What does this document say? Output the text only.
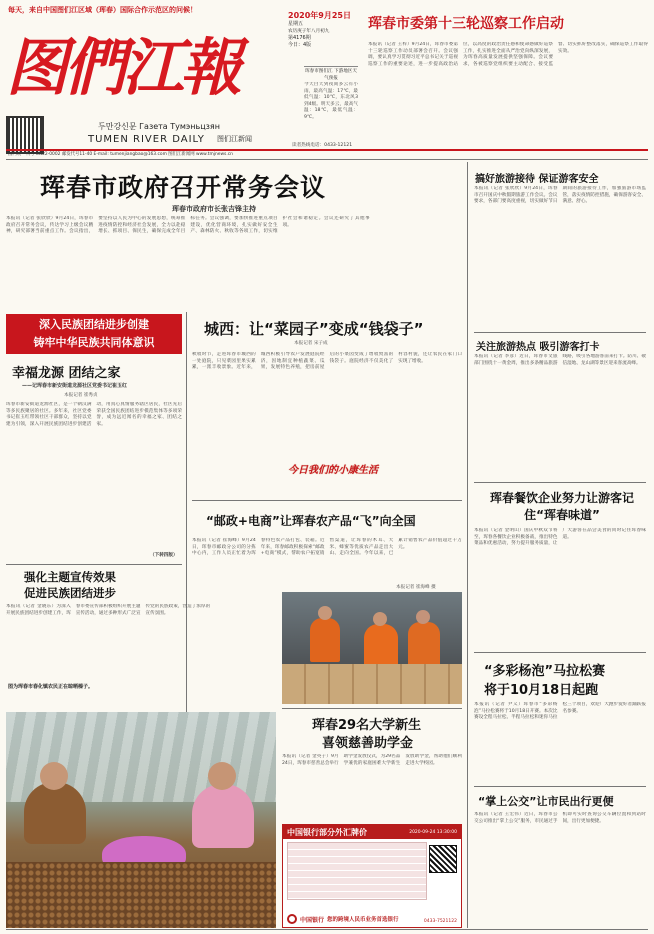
每天，来自中国图们江区域（珲春）国际合作示范区的问候！
图們江報
두만강신문 Газета Тумэньцзян
TUMEN RIVER DAILY 图们江新闻
2020年9月25日
星期五
农历庚子年八月初九
第4176期
今日：4版
珲春市图们江 下游地区天气预报
今天白天到夜间多云有小雨，最高气温：17℃，最低气温：10℃，东北风3到4级。明天多云，最高气温：18℃，最低气温：9℃。
读者热线电话：0433-12121
珲春市委第十三轮巡察工作启动
本报讯（记者 王梓）9月24日，珲春市委第十三轮巡察工作动员部署会召开。会议强调，要认真学习贯彻习近平总书记关于巡视巡察工作的重要论述，进一步提高政治站位，以高度的政治责任感和使命感做好巡察工作，扎实推进全面从严治党向纵深发展，为珲春高质量发展提供坚强保障。会议要求，各被巡察党组织要主动配合、接受监督、切实抓好整改落实，确保巡察工作取得实效。
国内统一刊号 CN22-0002 邮发代号11-40 E-mail: tumenjiangbao@163.com 图们江新闻网 www.tmjnews.cn
珲春市政府召开常务会议
珲春市政府市长张吉锋主持
本报讯（记者 张欣欣）9月24日，珲春市政府召开常务会议，传达学习上级会议精神，研究部署当前重点工作。会议指出，要坚持以人民为中心的发展思想，统筹推进疫情防控和经济社会发展，全力以赴稳增长、抓项目、保民生，确保完成全年目标任务。会议强调，要加快推进重点项目建设，优化营商环境，扎实做好安全生产、森林防火、秋收等各项工作，切实维护社会和谐稳定。会议还研究了其他事项。
搞好旅游接待 保证游客安全
本报讯（记者 张欣欣）9月24日，珲春市召开国庆中秋假期旅游工作会议。会议要求，各部门要高度重视，切实做好节日期间的旅游接待工作，加强旅游市场监管，落实疫情防控措施，确保游客安全、满意、舒心。
关注旅游热点 吸引游客打卡
本报讯（记者 李彦）近日，珲春市文旅部门围绕十一黄金周，推出多条精品旅游线路，吸引各地游客前来打卡。防川、敬信湿地、龙山湖等景区迎来客流高峰。
珲春餐饮企业努力让游客记住“珲春味道”
本报讯（记者 金明山）国庆中秋双节将至，珲春各餐饮企业积极备战，推出特色菜品和优惠活动，努力提升服务质量，让广大游客在品尝美食的同时记住珲春味道。
“多彩杨泡”马拉松赛
将于10月18日起跑
本报讯（记者 尹义）珲春市“多彩杨泡”马拉松赛将于10月18日开赛。本次比赛设全程马拉松、半程马拉松和迷你马拉松三个项目，欢迎广大跑步爱好者踊跃报名参赛。
“掌上公交”让市民出行更便
本报讯（记者 王宏伟）近日，珲春市公交公司推出“掌上公交”服务，市民通过手机即可实时查询公交车辆位置和到站时间，出行更加便捷。
深入民族团结进步创建
铸牢中华民族共同体意识
幸福龙源 团结之家
——记珲春市新安街道龙源社区党委书记崔玉红
本报记者 崔秀贞
珲春市新安街道龙源社区，是一个朝汉满等多民族聚居的社区。多年来，社区党委书记崔玉红带领社区干部群众，坚持以党建为引领，深入开展民族团结进步创建活动，用真心真情服务辖区居民，社区先后荣获全国民族团结进步模范集体等多项荣誉，成为远近闻名的幸福之家、团结之家。
（下转四版）
城西：让“菜园子”变成“钱袋子”
本报记者 宋子成
秋收时节，走进珲春市城西的一处庭院，只见菜园里果实累累，一派丰收景象。近年来，城西积极引导农户发展庭院经济，因地制宜种植蔬菜、瓜果，发展特色养殖，把房前屋后的小菜园变成了增收致富的钱袋子。庭院经济不仅美化了村容村貌，还让农民在家门口实现了增收。
今日我们的小康生活
“邮政+电商”让珲春农产品“飞”向全国
本报讯（记者 崔海峰）9月24日，珲春市邮政分公司的分拣中心内，工作人员正忙着为珲春特色农产品打包、装箱。近年来，珲春邮政积极探索“邮政+电商”模式，帮助农户拓宽销售渠道，让珲春的木耳、大米、蜂蜜等优质农产品走出大山、走向全国。今年以来，已累计销售农产品价值超过千万元。
本报记者 崔海峰 摄
强化主题宣传效果
促进民族团结进步
本报讯（记者 金晓东）为深入开展民族团结进步创建工作，珲春市委宣传部积极组织开展主题宣传活动，通过多种形式广泛宣传党的民族政策，营造了浓厚的宣传氛围。
图为珲春市春化镇农民正在晾晒榛子。
珲春29名大学新生
喜领慈善助学金
本报讯（记者 金英子）9月24日，珲春市慈善总会举行助学金发放仪式，为29名品学兼优的家庭困难大学新生发放助学金，帮助他们顺利走进大学校园。
中国银行部分外汇牌价	2020-09-24 13:30:00
中国银行 您的跨境人民币业务首选银行	0433-7521122
